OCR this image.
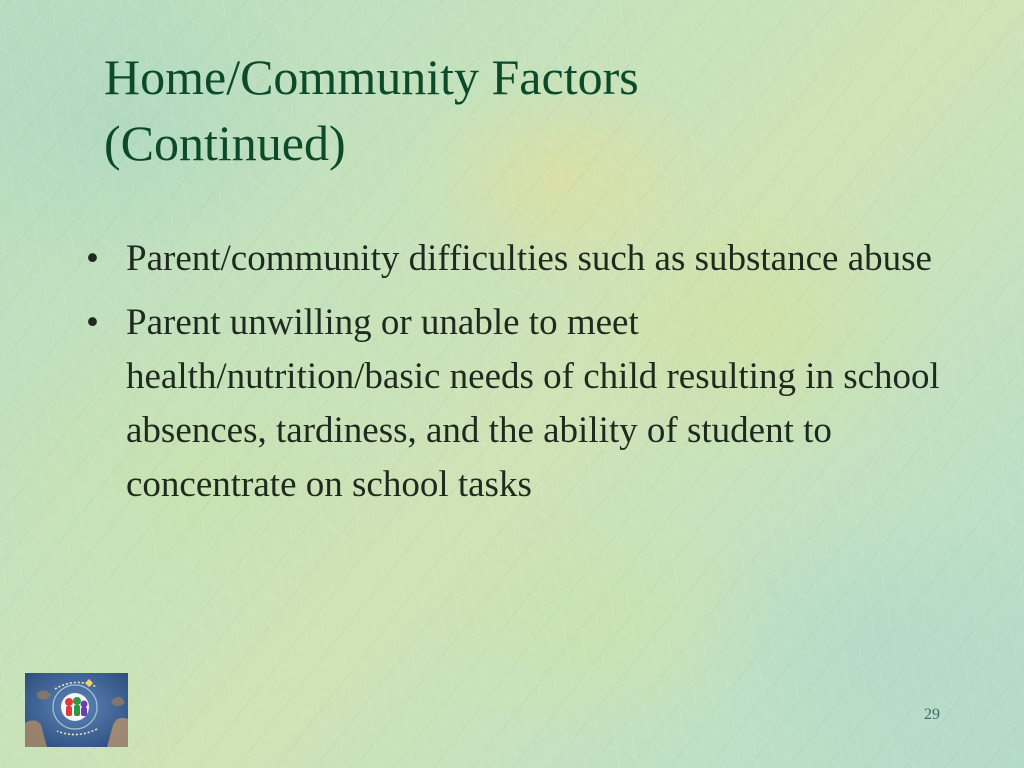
Home/Community Factors
(Continued)
• Parent/community difficulties such as substance abuse
• Parent unwilling or unable to meet health/nutrition/basic needs of child resulting in school absences, tardiness, and the ability of student to concentrate on school tasks
29
